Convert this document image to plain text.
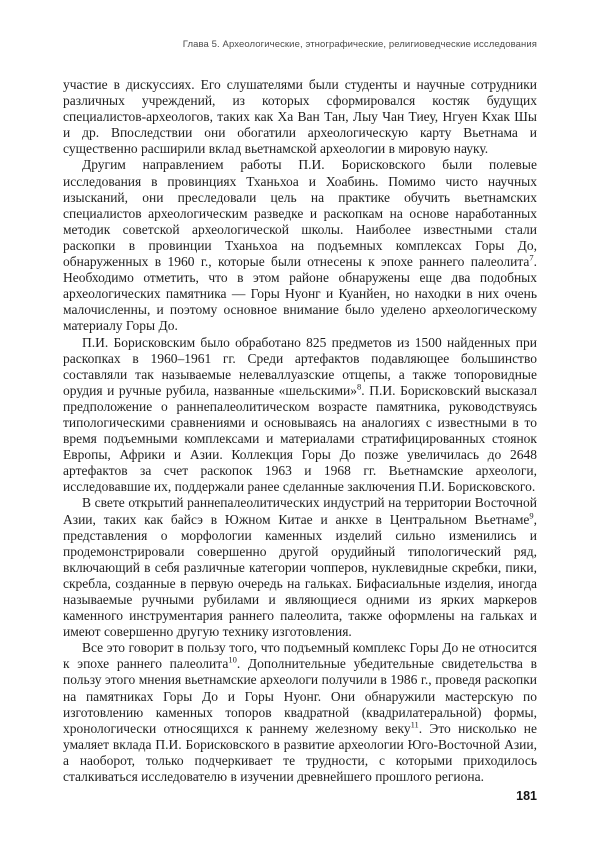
Глава 5. Археологические, этнографические, религиоведческие исследования

участие в дискуссиях. Его слушателями были студенты и научные сотрудники различных учреждений, из которых сформировался костяк будущих специалистов-археологов, таких как Ха Ван Тан, Лыу Чан Тиеу, Нгуен Кхак Шы и др. Впоследствии они обогатили археологическую карту Вьетнама и существенно расширили вклад вьетнамской археологии в мировую науку.

Другим направлением работы П.И. Борисковского были полевые исследования в провинциях Тханьхоа и Хоабинь. Помимо чисто научных изысканий, они преследовали цель на практике обучить вьетнамских специалистов археологическим разведке и раскопкам на основе наработанных методик советской археологической школы. Наиболее известными стали раскопки в провинции Тханьхоа на подъемных комплексах Горы До, обнаруженных в 1960 г., которые были отнесены к эпохе раннего палеолита$^7$. Необходимо отметить, что в этом районе обнаружены еще два подобных археологических памятника — Горы Нуонг и Куанйен, но находки в них очень малочисленны, и поэтому основное внимание было уделено археологическому материалу Горы До.

П.И. Борисковским было обработано 825 предметов из 1500 найденных при раскопках в 1960–1961 гг. Среди артефактов подавляющее большинство составляли так называемые нелеваллуазские отщепы, а также топоровидные орудия и ручные рубила, названные «шельскими»$^8$. П.И. Борисковский высказал предположение о раннепалеолитическом возрасте памятника, руководствуясь типологическими сравнениями и основываясь на аналогиях с известными в то время подъемными комплексами и материалами стратифицированных стоянок Европы, Африки и Азии. Коллекция Горы До позже увеличилась до 2648 артефактов за счет раскопок 1963 и 1968 гг. Вьетнамские археологи, исследовавшие их, поддержали ранее сделанные заключения П.И. Борисковского.

В свете открытий раннепалеолитических индустрий на территории Восточной Азии, таких как байсэ в Южном Китае и анкхе в Центральном Вьетнаме$^9$, представления о морфологии каменных изделий сильно изменились и продемонстрировали совершенно другой орудийный типологический ряд, включающий в себя различные категории чопперов, нуклевидные скребки, пики, скребла, созданные в первую очередь на гальках. Бифасиальные изделия, иногда называемые ручными рубилами и являющиеся одними из ярких маркеров каменного инструментария раннего палеолита, также оформлены на гальках и имеют совершенно другую технику изготовления.

Все это говорит в пользу того, что подъемный комплекс Горы До не относится к эпохе раннего палеолита$^{10}$. Дополнительные убедительные свидетельства в пользу этого мнения вьетнамские археологи получили в 1986 г., проведя раскопки на памятниках Горы До и Горы Нуонг. Они обнаружили мастерскую по изготовлению каменных топоров квадратной (квадрилатеральной) формы, хронологически относящихся к раннему железному веку$^{11}$. Это нисколько не умаляет вклада П.И. Борисковского в развитие археологии Юго-Восточной Азии, а наоборот, только подчеркивает те трудности, с которыми приходилось сталкиваться исследователю в изучении древнейшего прошлого региона.

181
